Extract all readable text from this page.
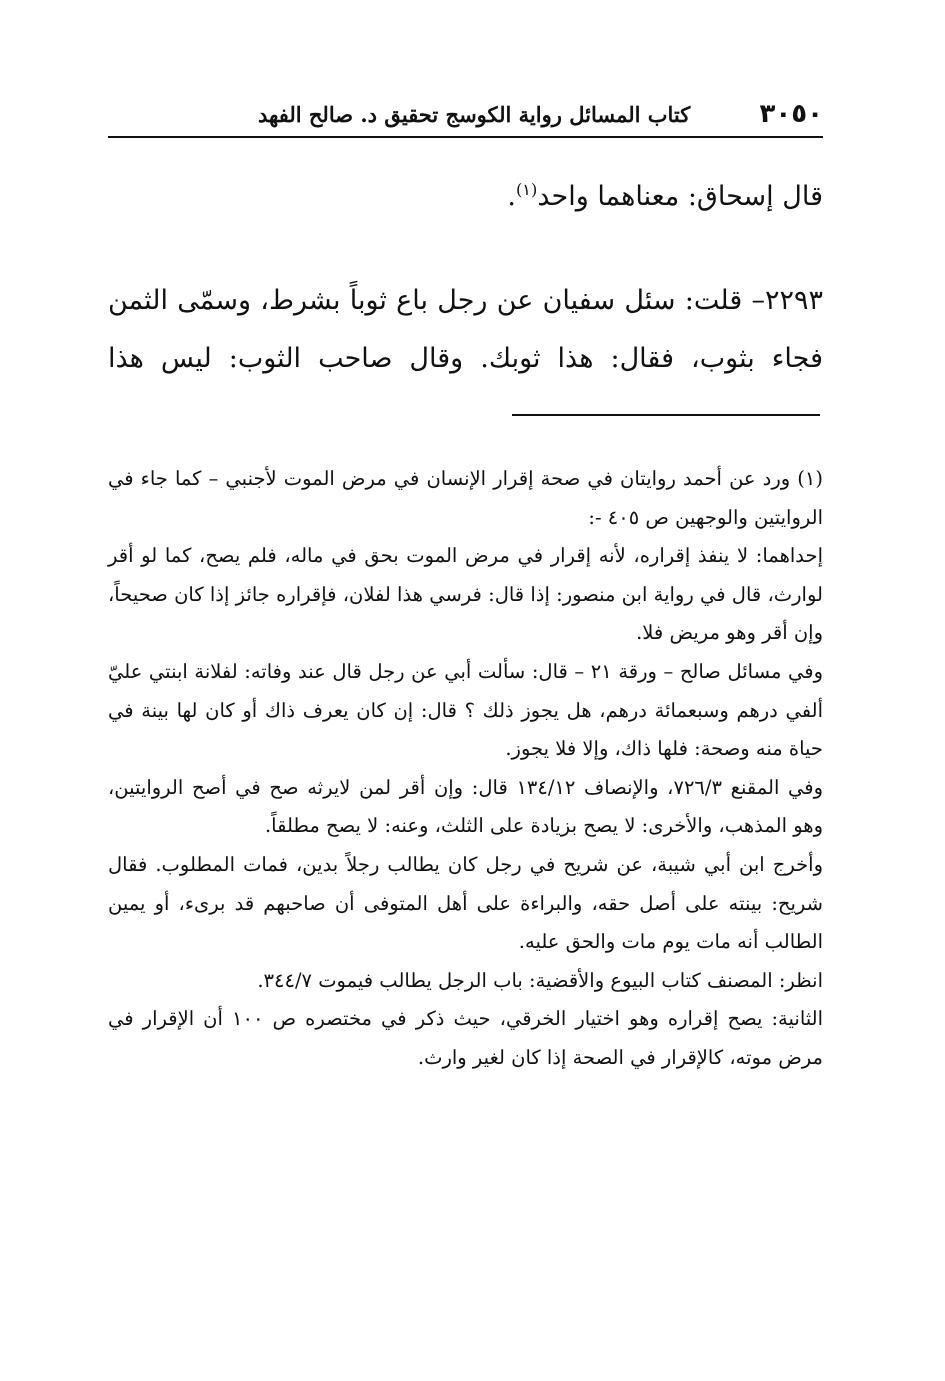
٣٠٥٠
كتاب المسائل رواية الكوسج تحقيق د. صالح الفهد

قال إسحاق: معناهما واحد$^{(١)}$.

٢٢٩٣– قلت: سئل سفيان عن رجل باع ثوباً بشرط، وسمّى الثمن فجاء بثوب، فقال: هذا ثوبك. وقال صاحب الثوب: ليس هذا

(١) ورد عن أحمد روايتان في صحة إقرار الإنسان في مرض الموت لأجنبي – كما جاء في الروايتين والوجهين ص ٤٠٥ -:

إحداهما: لا ينفذ إقراره، لأنه إقرار في مرض الموت بحق في ماله، فلم يصح، كما لو أقر لوارث، قال في رواية ابن منصور: إذا قال: فرسي هذا لفلان، فإقراره جائز إذا كان صحيحاً، وإن أقر وهو مريض فلا.

وفي مسائل صالح – ورقة ٢١ – قال: سألت أبي عن رجل قال عند وفاته: لفلانة ابنتي عليّ ألفي درهم وسبعمائة درهم، هل يجوز ذلك ؟ قال: إن كان يعرف ذاك أو كان لها بينة في حياة منه وصحة: فلها ذاك، وإلا فلا يجوز.

وفي المقنع ٧٢٦/٣، والإنصاف ١٣٤/١٢ قال: وإن أقر لمن لايرثه صح في أصح الروايتين، وهو المذهب، والأخرى: لا يصح بزيادة على الثلث، وعنه: لا يصح مطلقاً.

وأخرج ابن أبي شيبة، عن شريح في رجل كان يطالب رجلاً بدين، فمات المطلوب. فقال شريح: بينته على أصل حقه، والبراءة على أهل المتوفى أن صاحبهم قد برىء، أو يمين الطالب أنه مات يوم مات والحق عليه.

انظر: المصنف كتاب البيوع والأقضية: باب الرجل يطالب فيموت ٣٤٤/٧.

الثانية: يصح إقراره وهو اختيار الخرقي، حيث ذكر في مختصره ص ١٠٠ أن الإقرار في مرض موته، كالإقرار في الصحة إذا كان لغير وارث.
